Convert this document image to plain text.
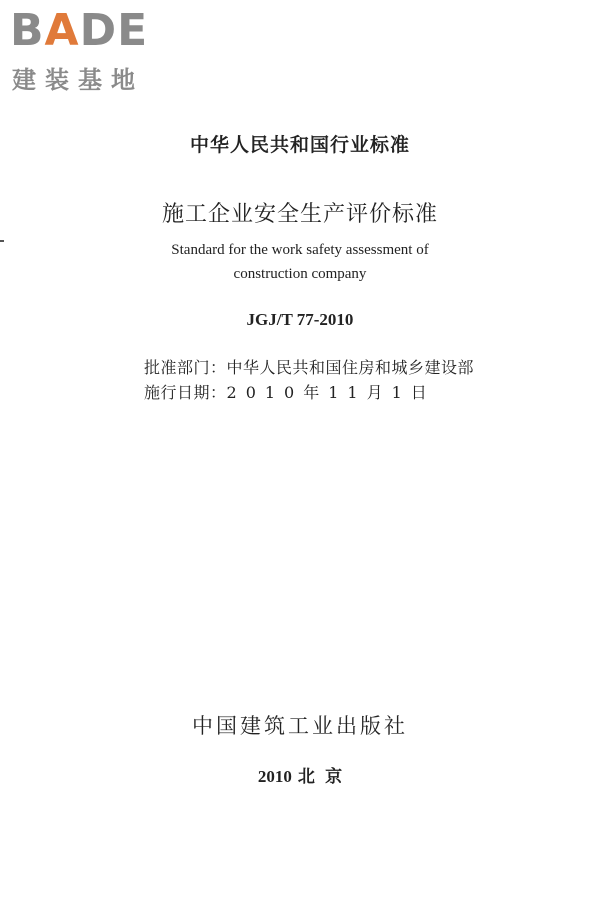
BADE
建装基地
中华人民共和国行业标准
施工企业安全生产评价标准
Standard for the work safety assessment of
construction company
JGJ/T 77-2010
批准部门：中华人民共和国住房和城乡建设部
施行日期：2010年11月1日
中国建筑工业出版社
2010 北 京
